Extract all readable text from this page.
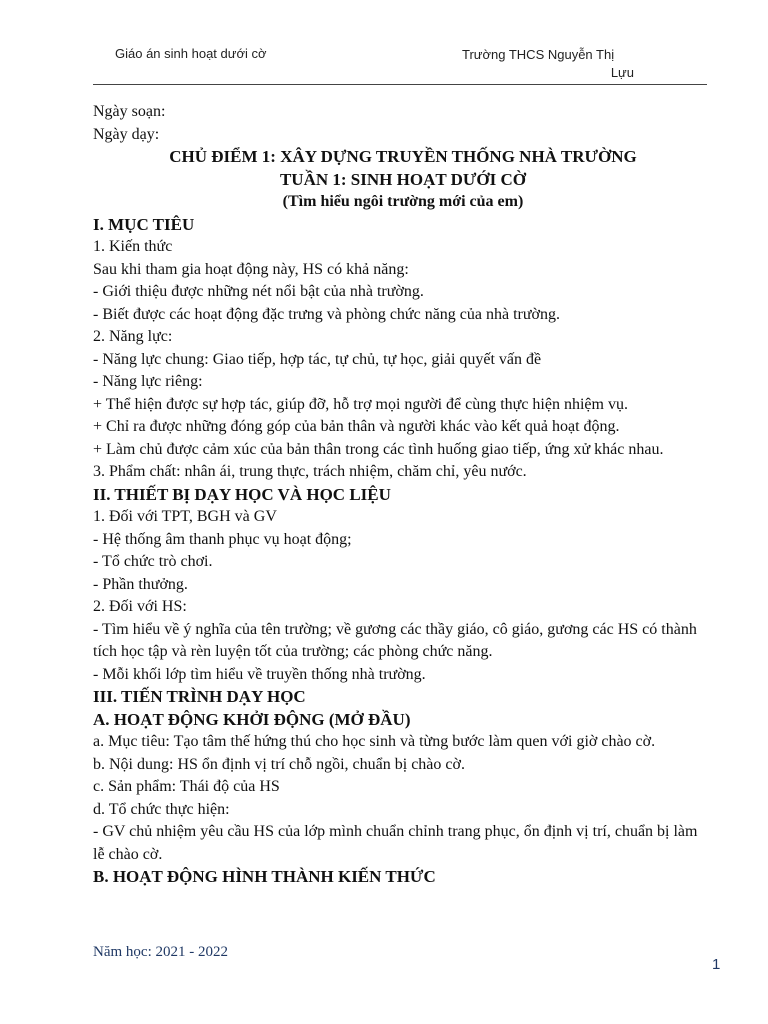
Giáo án sinh hoạt dưới cờ	Trường THCS Nguyễn Thị
Lựu

Ngày soạn:

Ngày dạy:

CHỦ ĐIỂM 1: XÂY DỰNG TRUYỀN THỐNG NHÀ TRƯỜNG

TUẦN 1: SINH HOẠT DƯỚI CỜ

(Tìm hiểu ngôi trường mới của em)

I. MỤC TIÊU

1. Kiến thức

Sau khi tham gia hoạt động này, HS có khả năng:

- Giới thiệu được những nét nổi bật của nhà trường.

- Biết được các hoạt động đặc trưng và phòng chức năng của nhà trường.

2. Năng lực:

- Năng lực chung: Giao tiếp, hợp tác, tự chủ, tự học, giải quyết vấn đề

- Năng lực riêng:

+ Thể hiện được sự hợp tác, giúp đỡ, hỗ trợ mọi người để cùng thực hiện nhiệm vụ.

+ Chỉ ra được những đóng góp của bản thân và người khác vào kết quả hoạt động.

+ Làm chủ được cảm xúc của bản thân trong các tình huống giao tiếp, ứng xử khác nhau.

3. Phẩm chất: nhân ái, trung thực, trách nhiệm, chăm chỉ, yêu nước.

II. THIẾT BỊ DẠY HỌC VÀ HỌC LIỆU

1. Đối với TPT, BGH và GV

- Hệ thống âm thanh phục vụ hoạt động;

- Tổ chức trò chơi.

- Phần thưởng.

2. Đối với HS:

- Tìm hiểu về ý nghĩa của tên trường; về gương các thầy giáo, cô giáo, gương các HS có thành tích học tập và rèn luyện tốt của trường; các phòng chức năng.

- Mỗi khối lớp tìm hiểu về truyền thống nhà trường.

III. TIẾN TRÌNH DẠY HỌC

A. HOẠT ĐỘNG KHỞI ĐỘNG (MỞ ĐẦU)

a. Mục tiêu: Tạo tâm thế hứng thú cho học sinh và từng bước làm quen với giờ chào cờ.

b. Nội dung: HS ổn định vị trí chỗ ngồi, chuẩn bị chào cờ.

c. Sản phẩm: Thái độ của HS

d. Tổ chức thực hiện:

- GV chủ nhiệm yêu cầu HS của lớp mình chuẩn chỉnh trang phục, ổn định vị trí, chuẩn bị làm lễ chào cờ.

B. HOẠT ĐỘNG HÌNH THÀNH KIẾN THỨC

Năm học: 2021 - 2022
1
